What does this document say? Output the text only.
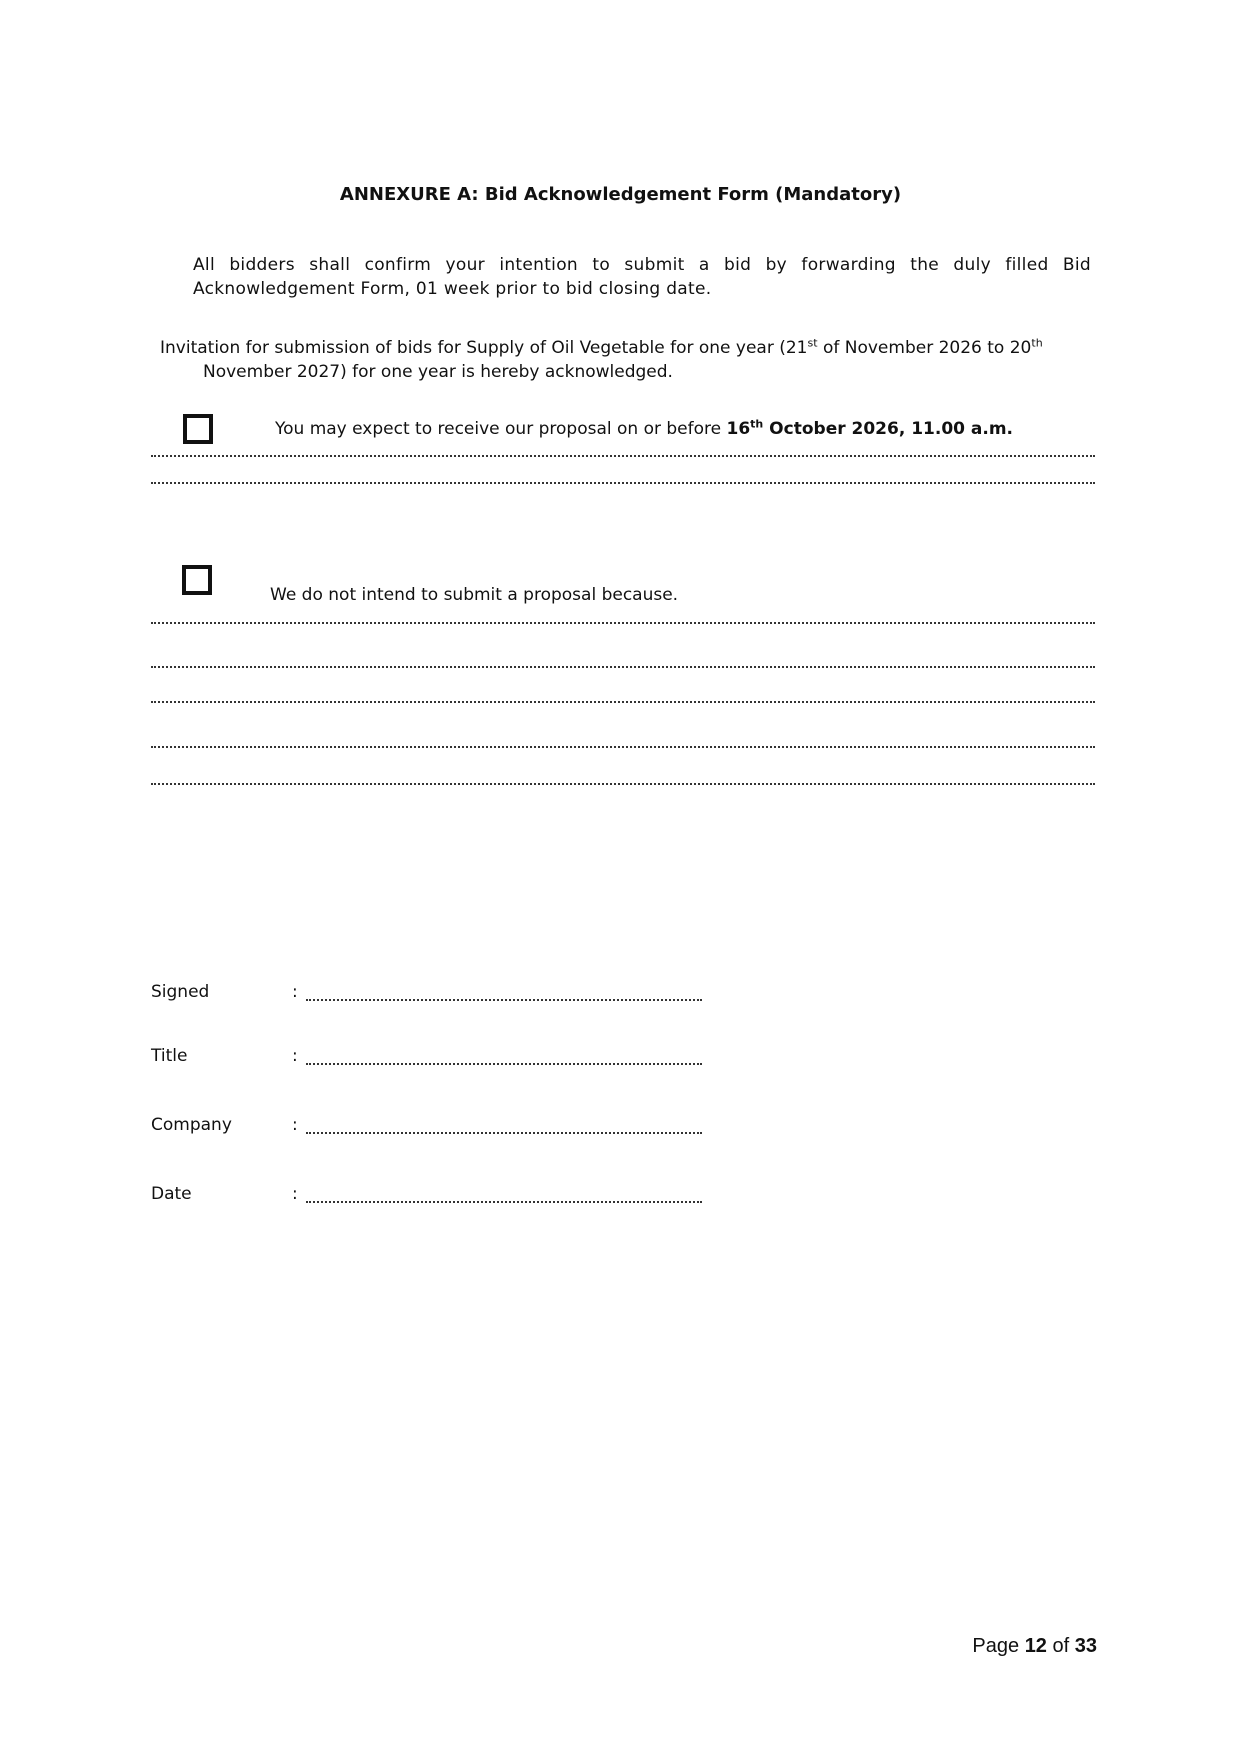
ANNEXURE A: Bid Acknowledgement Form (Mandatory)
All bidders shall confirm your intention to submit a bid by forwarding the duly filled Bid Acknowledgement Form, 01 week prior to bid closing date.
Invitation for submission of bids for Supply of Oil Vegetable for one year (21st of November 2026 to 20th
November 2027) for one year is hereby acknowledged.
You may expect to receive our proposal on or before 16th October 2026, 11.00 a.m.
We do not intend to submit a proposal because.
Signed	:
Title	:
Company	:
Date	:
Page 12 of 33
